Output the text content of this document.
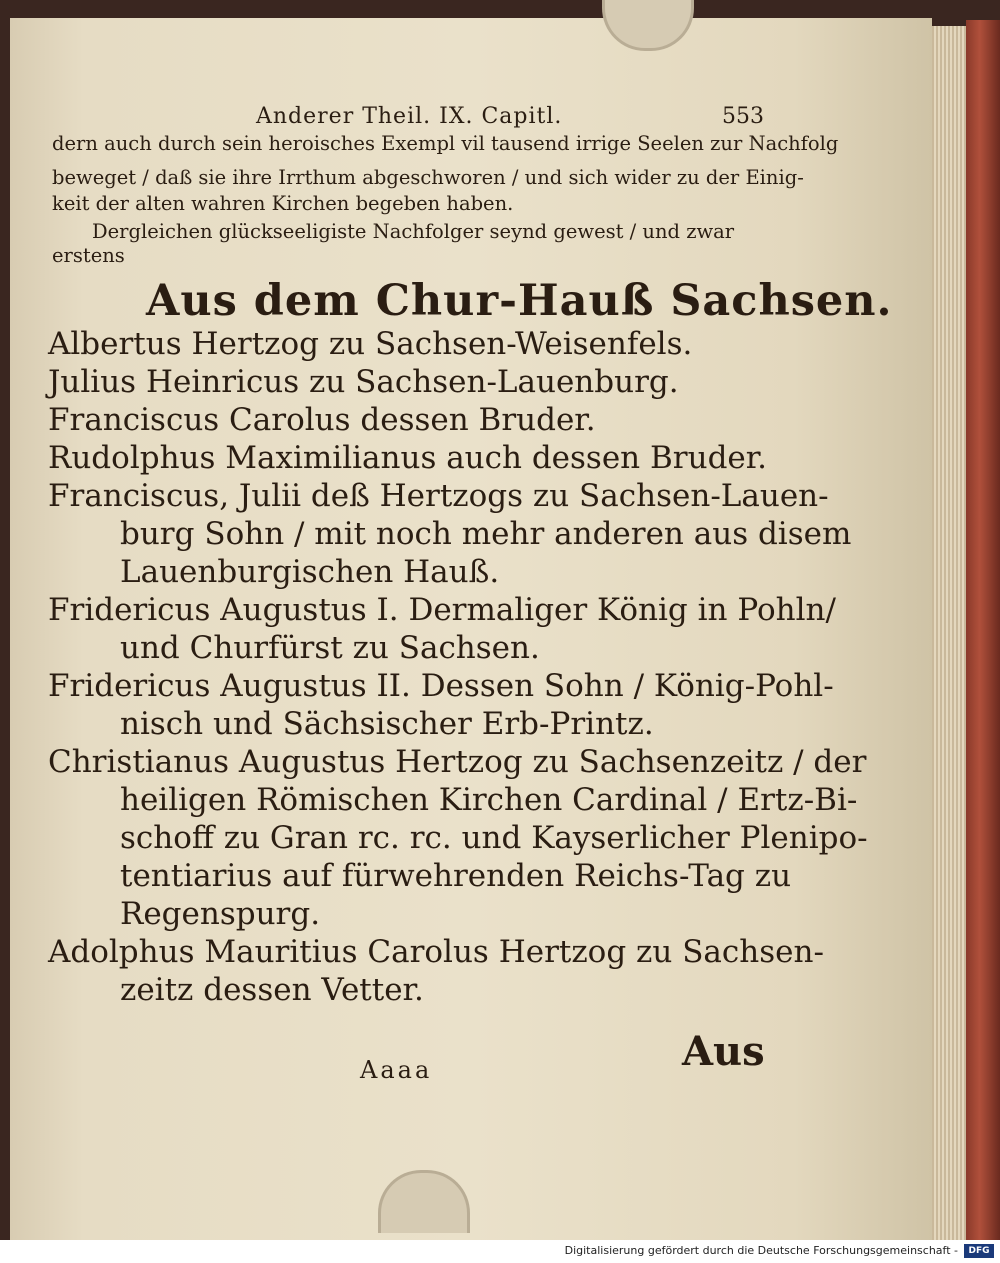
Anderer Theil. IX. Capitl.	553
dern auch durch sein heroisches Exempl vil tausend irrige Seelen zur Nachfolg
beweget / daß sie ihre Irrthum abgeschworen / und sich wider zu der Einig-
keit der alten wahren Kirchen begeben haben.
Dergleichen glückseeligiste Nachfolger seynd gewest / und zwar
erstens
Aus dem Chur-Hauß Sachsen.
Albertus Hertzog zu Sachsen-Weisenfels.
Julius Heinricus zu Sachsen-Lauenburg.
Franciscus Carolus dessen Bruder.
Rudolphus Maximilianus auch dessen Bruder.
Franciscus, Julii deß Hertzogs zu Sachsen-Lauen-
burg Sohn / mit noch mehr anderen aus disem
Lauenburgischen Hauß.
Fridericus Augustus I. Dermaliger König in Pohln/
und Churfürst zu Sachsen.
Fridericus Augustus II. Dessen Sohn / König-Pohl-
nisch und Sächsischer Erb-Printz.
Christianus Augustus Hertzog zu Sachsenzeitz / der
heiligen Römischen Kirchen Cardinal / Ertz-Bi-
schoff zu Gran rc. rc. und Kayserlicher Plenipo-
tentiarius auf fürwehrenden Reichs-Tag zu
Regenspurg.
Adolphus Mauritius Carolus Hertzog zu Sachsen-
zeitz dessen Vetter.
Aaaa	Aus
Digitalisierung gefördert durch die Deutsche Forschungsgemeinschaft -	DFG
